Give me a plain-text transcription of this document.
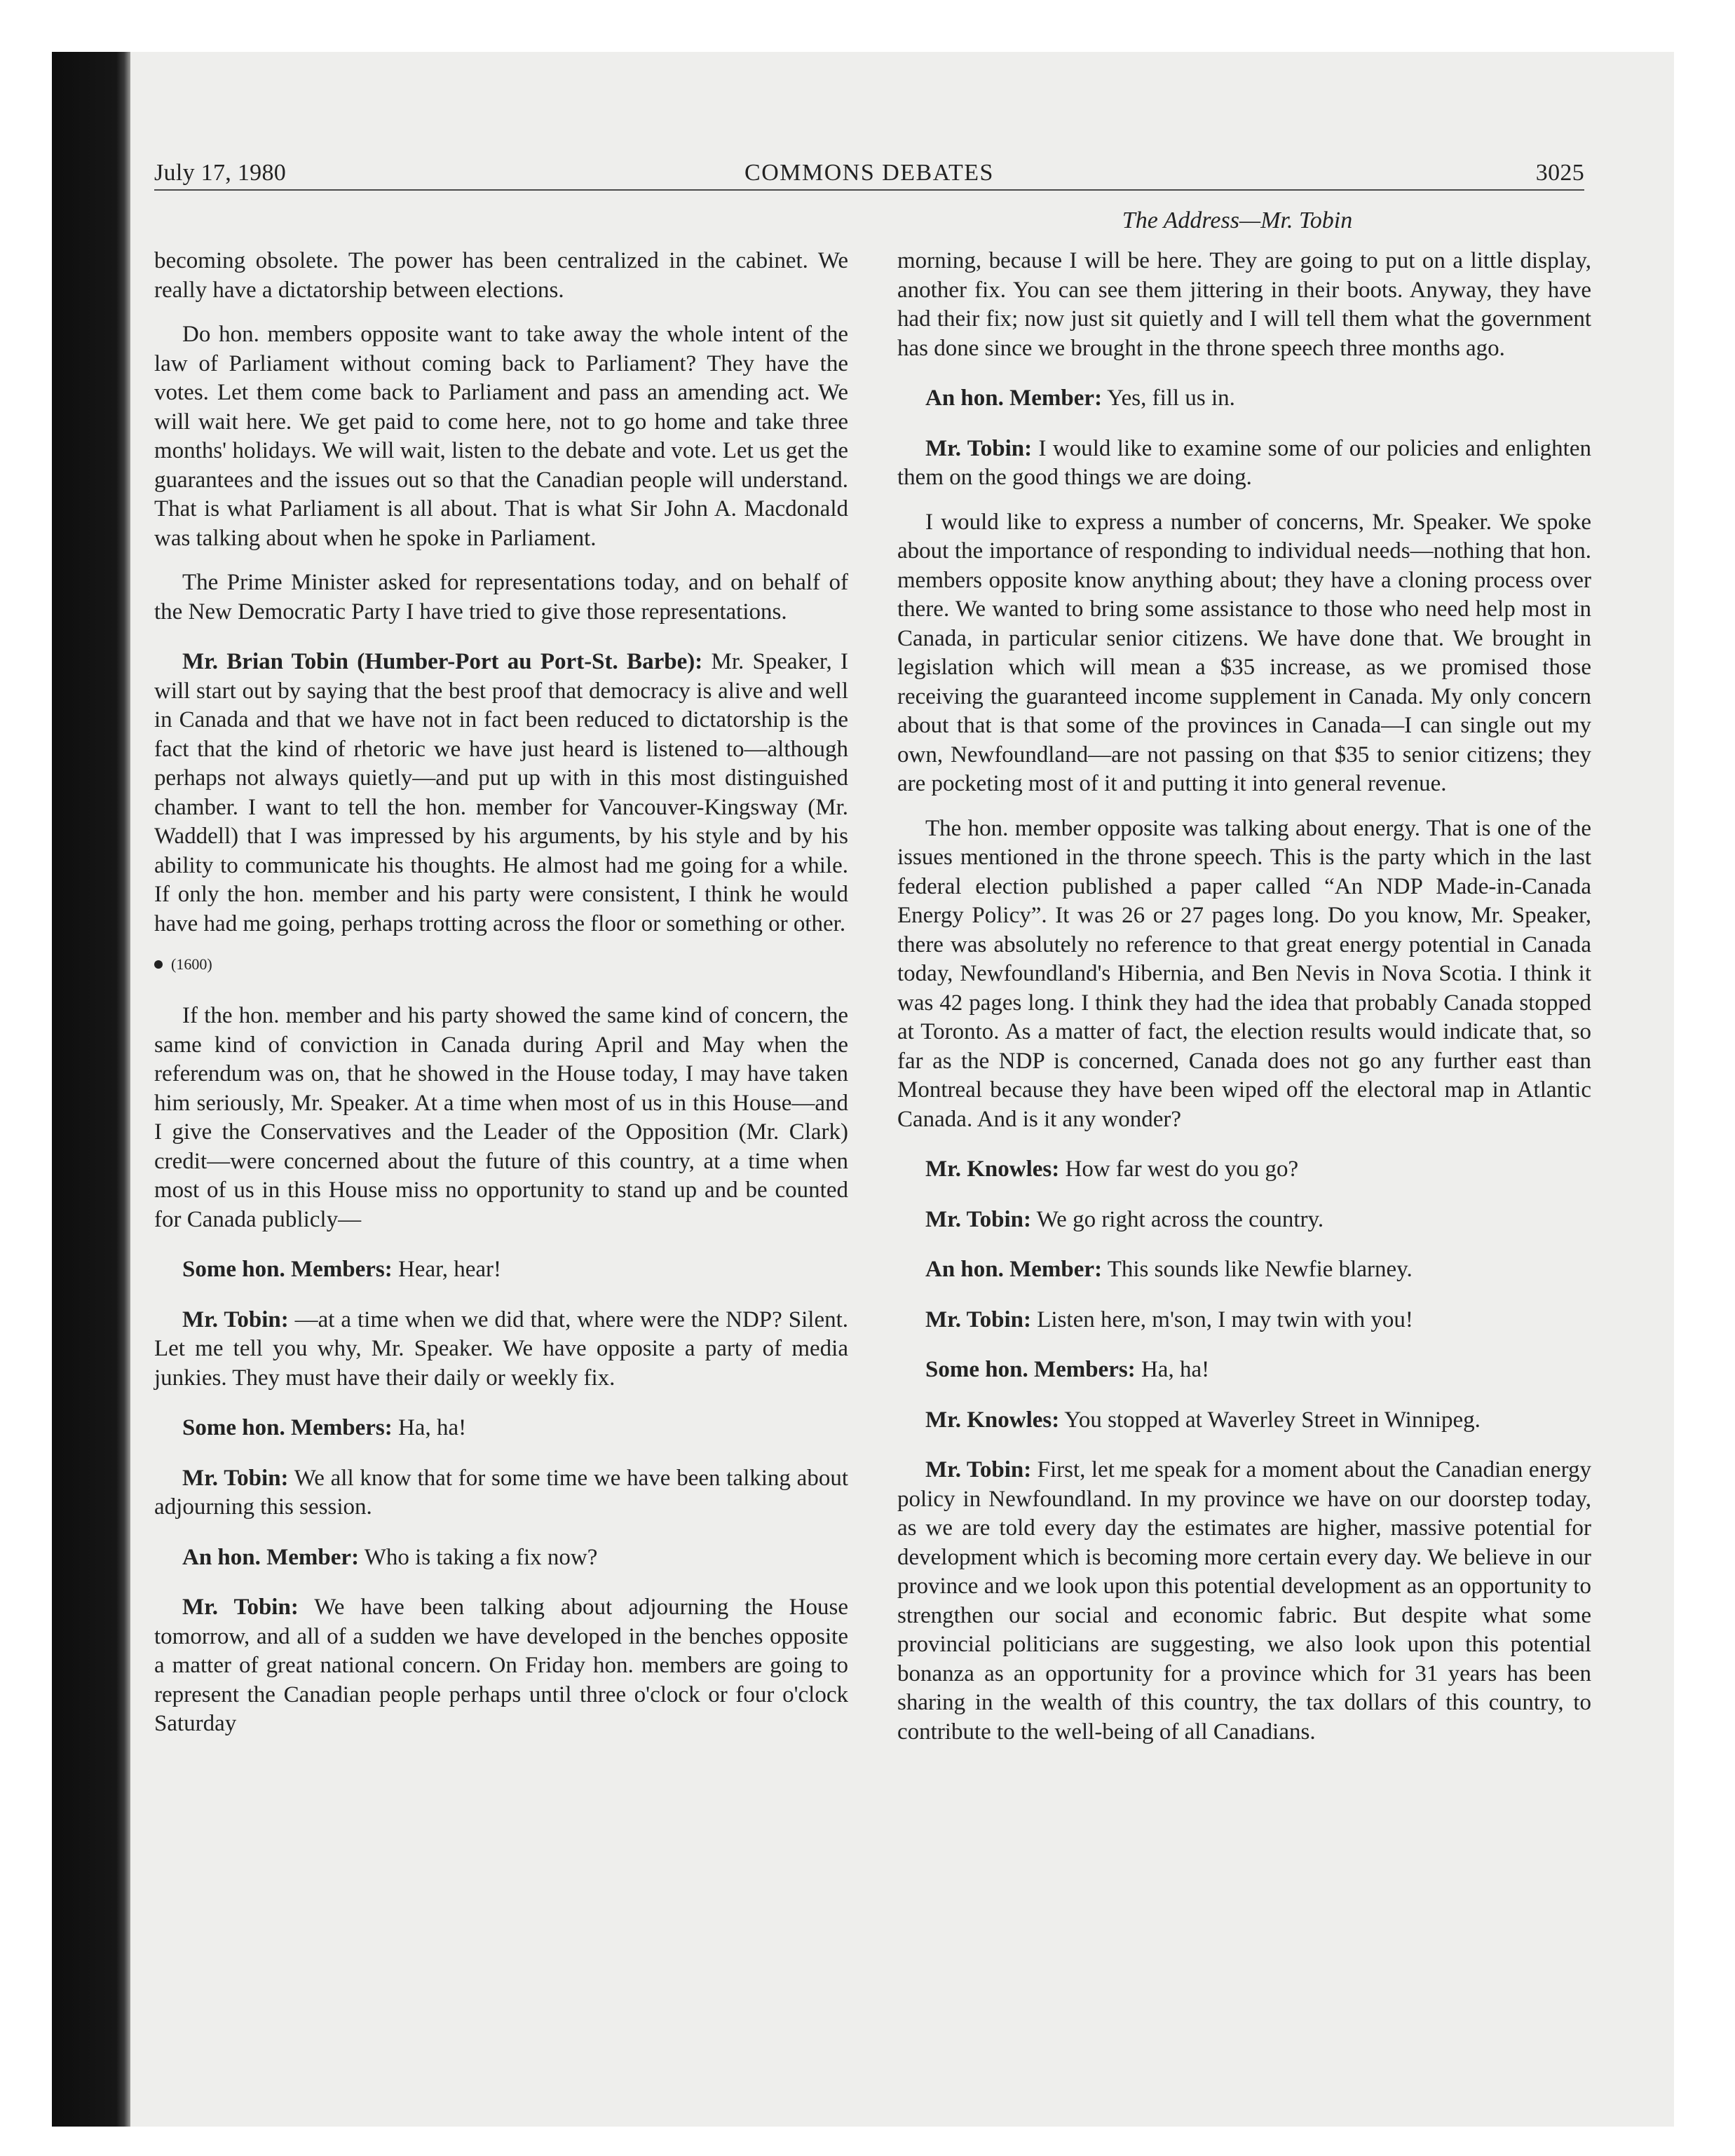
July 17, 1980	COMMONS DEBATES	3025
The Address—Mr. Tobin

becoming obsolete. The power has been centralized in the cabinet. We really have a dictatorship between elections.

Do hon. members opposite want to take away the whole intent of the law of Parliament without coming back to Parliament? They have the votes. Let them come back to Parliament and pass an amending act. We will wait here. We get paid to come here, not to go home and take three months' holidays. We will wait, listen to the debate and vote. Let us get the guarantees and the issues out so that the Canadian people will understand. That is what Parliament is all about. That is what Sir John A. Macdonald was talking about when he spoke in Parliament.

The Prime Minister asked for representations today, and on behalf of the New Democratic Party I have tried to give those representations.

Mr. Brian Tobin (Humber-Port au Port-St. Barbe): Mr. Speaker, I will start out by saying that the best proof that democracy is alive and well in Canada and that we have not in fact been reduced to dictatorship is the fact that the kind of rhetoric we have just heard is listened to—although perhaps not always quietly—and put up with in this most distinguished chamber. I want to tell the hon. member for Vancouver-Kingsway (Mr. Waddell) that I was impressed by his arguments, by his style and by his ability to communicate his thoughts. He almost had me going for a while. If only the hon. member and his party were consistent, I think he would have had me going, perhaps trotting across the floor or something or other.

(1600)

If the hon. member and his party showed the same kind of concern, the same kind of conviction in Canada during April and May when the referendum was on, that he showed in the House today, I may have taken him seriously, Mr. Speaker. At a time when most of us in this House—and I give the Conservatives and the Leader of the Opposition (Mr. Clark) credit—were concerned about the future of this country, at a time when most of us in this House miss no opportunity to stand up and be counted for Canada publicly—

Some hon. Members: Hear, hear!

Mr. Tobin: —at a time when we did that, where were the NDP? Silent. Let me tell you why, Mr. Speaker. We have opposite a party of media junkies. They must have their daily or weekly fix.

Some hon. Members: Ha, ha!

Mr. Tobin: We all know that for some time we have been talking about adjourning this session.

An hon. Member: Who is taking a fix now?

Mr. Tobin: We have been talking about adjourning the House tomorrow, and all of a sudden we have developed in the benches opposite a matter of great national concern. On Friday hon. members are going to represent the Canadian people perhaps until three o'clock or four o'clock Saturday

morning, because I will be here. They are going to put on a little display, another fix. You can see them jittering in their boots. Anyway, they have had their fix; now just sit quietly and I will tell them what the government has done since we brought in the throne speech three months ago.

An hon. Member: Yes, fill us in.

Mr. Tobin: I would like to examine some of our policies and enlighten them on the good things we are doing.

I would like to express a number of concerns, Mr. Speaker. We spoke about the importance of responding to individual needs—nothing that hon. members opposite know anything about; they have a cloning process over there. We wanted to bring some assistance to those who need help most in Canada, in particular senior citizens. We have done that. We brought in legislation which will mean a $35 increase, as we promised those receiving the guaranteed income supplement in Canada. My only concern about that is that some of the provinces in Canada—I can single out my own, Newfoundland—are not passing on that $35 to senior citizens; they are pocketing most of it and putting it into general revenue.

The hon. member opposite was talking about energy. That is one of the issues mentioned in the throne speech. This is the party which in the last federal election published a paper called “An NDP Made-in-Canada Energy Policy”. It was 26 or 27 pages long. Do you know, Mr. Speaker, there was absolutely no reference to that great energy potential in Canada today, Newfoundland's Hibernia, and Ben Nevis in Nova Scotia. I think it was 42 pages long. I think they had the idea that probably Canada stopped at Toronto. As a matter of fact, the election results would indicate that, so far as the NDP is concerned, Canada does not go any further east than Montreal because they have been wiped off the electoral map in Atlantic Canada. And is it any wonder?

Mr. Knowles: How far west do you go?

Mr. Tobin: We go right across the country.

An hon. Member: This sounds like Newfie blarney.

Mr. Tobin: Listen here, m'son, I may twin with you!

Some hon. Members: Ha, ha!

Mr. Knowles: You stopped at Waverley Street in Winnipeg.

Mr. Tobin: First, let me speak for a moment about the Canadian energy policy in Newfoundland. In my province we have on our doorstep today, as we are told every day the estimates are higher, massive potential for development which is becoming more certain every day. We believe in our province and we look upon this potential development as an opportunity to strengthen our social and economic fabric. But despite what some provincial politicians are suggesting, we also look upon this potential bonanza as an opportunity for a province which for 31 years has been sharing in the wealth of this country, the tax dollars of this country, to contribute to the well-being of all Canadians.
